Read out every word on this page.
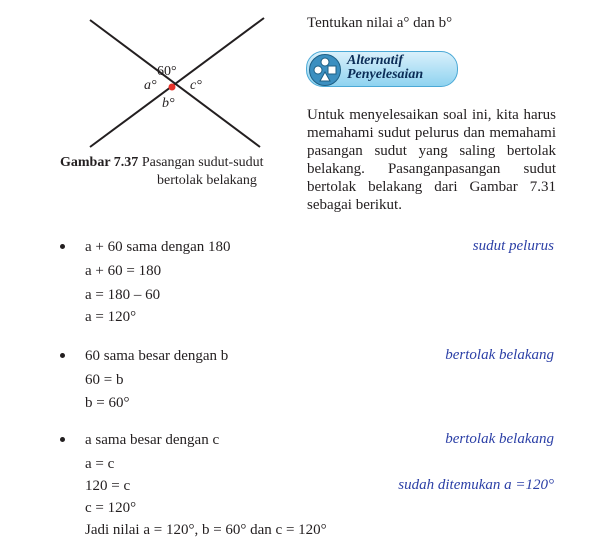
60°
a° c°
b°
Gambar 7.37 Pasangan sudut-sudut
bertolak belakang
Tentukan nilai a° dan b°
Alternatif
Penyelesaian
Untuk menyelesaikan soal ini, kita harus memahami sudut pelurus dan memahami pasangan sudut yang saling bertolak belakang. Pasanganpasangan sudut bertolak belakang dari Gambar 7.31 sebagai berikut.
a + 60 sama dengan 180
a + 60 = 180
a = 180 – 60
a = 120°
sudut pelurus
60 sama besar dengan b
60 = b
b = 60°
bertolak belakang
a sama besar dengan c
a = c
120 = c
c = 120°
Jadi nilai a = 120°, b = 60° dan c = 120°
bertolak belakang
sudah ditemukan a =120°
